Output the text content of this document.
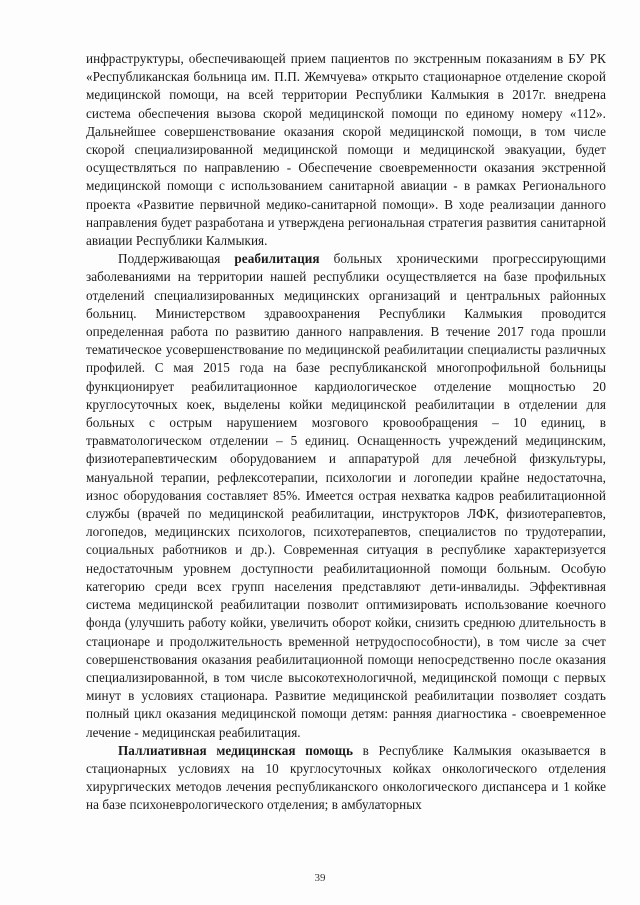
инфраструктуры, обеспечивающей прием пациентов по экстренным показаниям в БУ РК «Республиканская больница им. П.П. Жемчуева» открыто стационарное отделение скорой медицинской помощи, на всей территории Республики Калмыкия в 2017г. внедрена система обеспечения вызова скорой медицинской помощи по единому номеру «112». Дальнейшее совершенствование оказания скорой медицинской помощи, в том числе скорой специализированной медицинской помощи и медицинской эвакуации, будет осуществляться по направлению - Обеспечение своевременности оказания экстренной медицинской помощи с использованием санитарной авиации - в рамках Регионального проекта «Развитие первичной медико-санитарной помощи». В ходе реализации данного направления будет разработана и утверждена региональная стратегия развития санитарной авиации Республики Калмыкия.

Поддерживающая реабилитация больных хроническими прогрессирующими заболеваниями на территории нашей республики осуществляется на базе профильных отделений специализированных медицинских организаций и центральных районных больниц. Министерством здравоохранения Республики Калмыкия проводится определенная работа по развитию данного направления. В течение 2017 года прошли тематическое усовершенствование по медицинской реабилитации специалисты различных профилей. С мая 2015 года на базе республиканской многопрофильной больницы функционирует реабилитационное кардиологическое отделение мощностью 20 круглосуточных коек, выделены койки медицинской реабилитации в отделении для больных с острым нарушением мозгового кровообращения – 10 единиц, в травматологическом отделении – 5 единиц. Оснащенность учреждений медицинским, физиотерапевтическим оборудованием и аппаратурой для лечебной физкультуры, мануальной терапии, рефлексотерапии, психологии и логопедии крайне недостаточна, износ оборудования составляет 85%. Имеется острая нехватка кадров реабилитационной службы (врачей по медицинской реабилитации, инструкторов ЛФК, физиотерапевтов, логопедов, медицинских психологов, психотерапевтов, специалистов по трудотерапии, социальных работников и др.). Современная ситуация в республике характеризуется недостаточным уровнем доступности реабилитационной помощи больным. Особую категорию среди всех групп населения представляют дети-инвалиды. Эффективная система медицинской реабилитации позволит оптимизировать использование коечного фонда (улучшить работу койки, увеличить оборот койки, снизить среднюю длительность в стационаре и продолжительность временной нетрудоспособности), в том числе за счет совершенствования оказания реабилитационной помощи непосредственно после оказания специализированной, в том числе высокотехнологичной, медицинской помощи с первых минут в условиях стационара. Развитие медицинской реабилитации позволяет создать полный цикл оказания медицинской помощи детям: ранняя диагностика - своевременное лечение - медицинская реабилитация.

Паллиативная медицинская помощь в Республике Калмыкия оказывается в стационарных условиях на 10 круглосуточных койках онкологического отделения хирургических методов лечения республиканского онкологического диспансера и 1 койке на базе психоневрологического отделения; в амбулаторных

39
